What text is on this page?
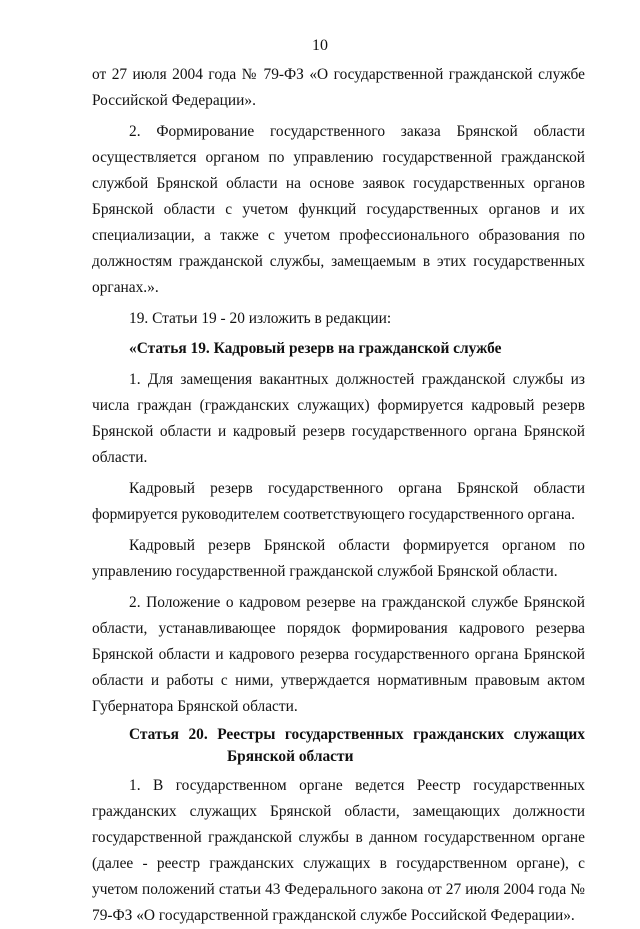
10

от 27 июля 2004 года № 79-ФЗ «О государственной гражданской службе Российской Федерации».

2. Формирование государственного заказа Брянской области осуществляется органом по управлению государственной гражданской службой Брянской области на основе заявок государственных органов Брянской области с учетом функций государственных органов и их специализации, а также с учетом профессионального образования по должностям гражданской службы, замещаемым в этих государственных органах.».

19. Статьи 19 - 20 изложить в редакции:

«Статья 19. Кадровый резерв на гражданской службе

1. Для замещения вакантных должностей гражданской службы из числа граждан (гражданских служащих) формируется кадровый резерв Брянской области и кадровый резерв государственного органа Брянской области.

Кадровый резерв государственного органа Брянской области формируется руководителем соответствующего государственного органа.

Кадровый резерв Брянской области формируется органом по управлению государственной гражданской службой Брянской области.

2. Положение о кадровом резерве на гражданской службе Брянской области, устанавливающее порядок формирования кадрового резерва Брянской области и кадрового резерва государственного органа Брянской области и работы с ними, утверждается нормативным правовым актом Губернатора Брянской области.

Статья 20. Реестры государственных гражданских служащих

Брянской области

1. В государственном органе ведется Реестр государственных гражданских служащих Брянской области, замещающих должности государственной гражданской службы в данном государственном органе (далее - реестр гражданских служащих в государственном органе), с учетом положений статьи 43 Федерального закона от 27 июля 2004 года № 79-ФЗ «О государственной гражданской службе Российской Федерации».
